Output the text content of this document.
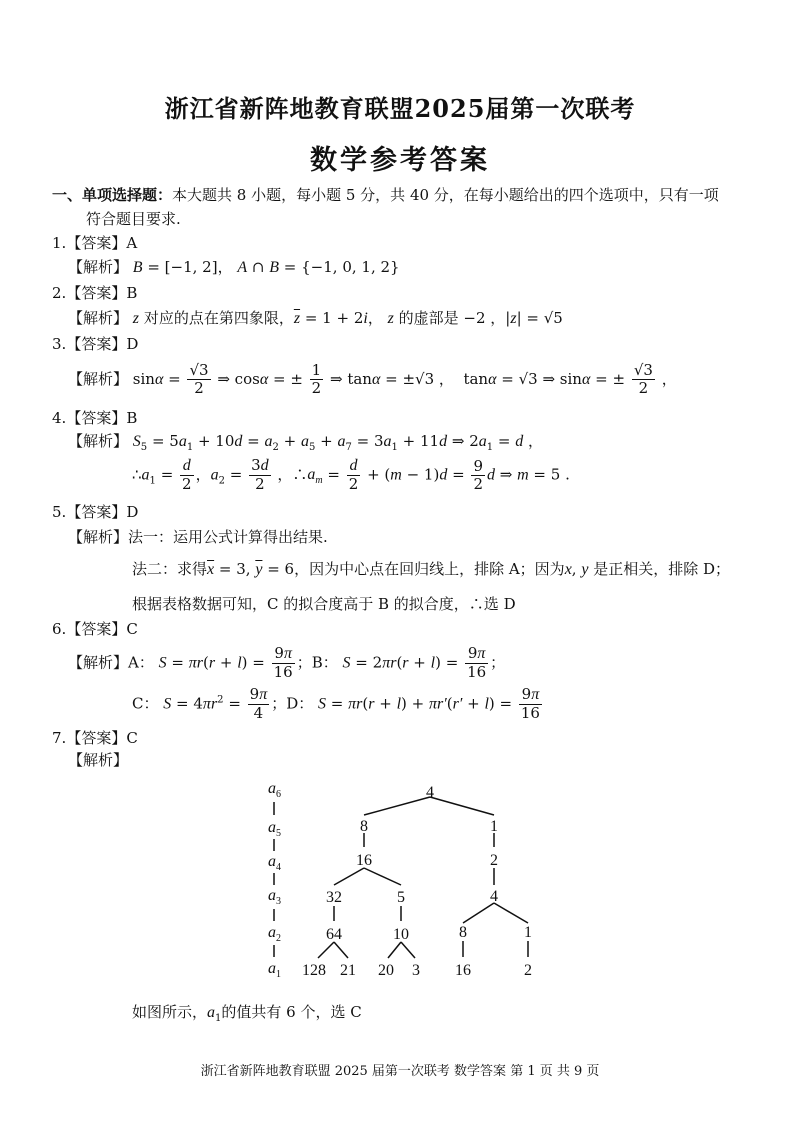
浙江省新阵地教育联盟2025届第一次联考
数学参考答案
一、单项选择题：本大题共 8 小题，每小题 5 分，共 40 分，在每小题给出的四个选项中，只有一项
符合题目要求.
1.【答案】A
【解析】 B = [−1, 2]， A ∩ B = {−1, 0, 1, 2}
2.【答案】B
【解析】 z 对应的点在第四象限，$\overline{z} = 1 + 2i$， z 的虚部是 −2 ，|z| = √5
3.【答案】D
【解析】 $\sin\alpha = \frac{√3}{2}$ ⇒ cosα = ± $\frac{1}{2}$ ⇒ tanα = ±√3 ，  tanα = √3 ⇒ sinα = ± $\frac{√3}{2}$ ，
4.【答案】B
【解析】 $S_5 = 5a_1 + 10d = a_2 + a_5 + a_7 = 3a_1 + 11d$ ⇒ $2a_1 = d$ ，
$\therefore a_1 = \frac{d}{2}$ ，$a_2 = \frac{3d}{2}$ ，$\therefore a_m = \frac{d}{2} + (m - 1)d = \frac{9}{2}$ d ⇒ m = 5 .
5.【答案】D
【解析】法一：运用公式计算得出结果.
法二：求得$\overline{x} = 3$, $\overline{y} = 6$，因为中心点在回归线上，排除 A；因为x, y 是正相关，排除 D；
根据表格数据可知，C 的拟合度高于 B 的拟合度，∴选 D
6.【答案】C
【解析】A： $S = \pi r(r + l) = \frac{9\pi}{16}$ ；B： $S = 2\pi r(r + l) = \frac{9\pi}{16}$ ；
C： $S = 4\pi r^2 = \frac{9\pi}{4}$ ；D： $S = \pi r(r + l) + \pi r'(r' + l) = \frac{9\pi}{16}$
7.【答案】C
【解析】
$a_6$
$a_5$
$a_4$
$a_3$
$a_2$
$a_1$
4
8	1
16	2
32	5	4
64	10	8	1
128 21 20 3 16	2
如图所示，$a_1$的值共有 6 个，选 C
浙江省新阵地教育联盟 2025 届第一次联考 数学答案 第 1 页 共 9 页
